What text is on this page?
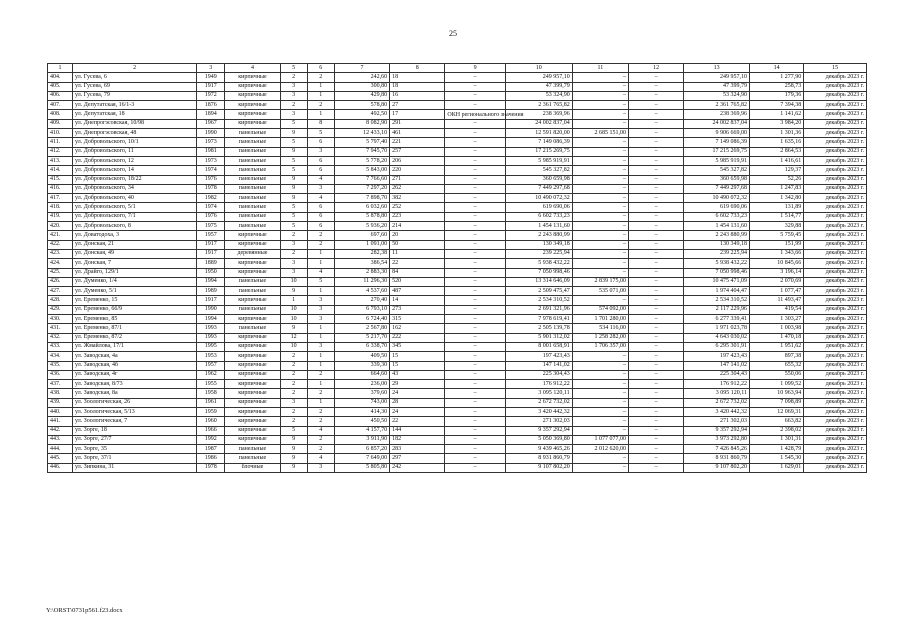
25
1	2	3	4	5	6	7	8	9	10	11	12	13	14	15
404.	ул. Гусева, 6	1949	кирпичные	2	2	242,60	18	–	249 957,10	–	–	249 957,10	1 277,90	декабрь 2023 г.
405.	ул. Гусева, 69	1917	кирпичные	3	1	300,80	18	–	47 399,79	–	–	47 399,79	258,73	декабрь 2023 г.
406.	ул. Гусева, 79	1972	кирпичные	3	1	429,80	16	–	53 324,90	–	–	53 324,90	179,36	декабрь 2023 г.
407.	ул. Депутатская, 16/1-3	1876	кирпичные	2	2	578,80	27	–	2 361 765,82	–	–	2 361 765,82	7 394,38	декабрь 2023 г.
408.	ул. Депутатская, 18	1894	кирпичные	3	1	492,50	17	ОКН регионального значения	238 369,96	–	–	238 369,96	1 141,62	декабрь 2023 г.
409.	ул. Днепрогэсовская, 10/98	1967	кирпичные	5	8	8 082,90	291	–	24 002 837,04	–	–	24 002 837,04	3 984,20	декабрь 2023 г.
410.	ул. Днепрогэсовская, 48	1990	панельные	9	5	12 433,10	461	–	12 591 820,00	2 685 151,00	–	9 906 669,00	1 301,36	декабрь 2023 г.
411.	ул. Добровольского, 10/1	1973	панельные	5	6	5 797,40	221	–	7 149 086,39	–	–	7 149 086,39	1 635,16	декабрь 2023 г.
412.	ул. Добровольского, 11	1981	панельные	9	3	7 945,70	257	–	17 215 269,75	–	–	17 215 269,75	2 864,53	декабрь 2023 г.
413.	ул. Добровольского, 12	1973	панельные	5	6	5 778,20	206	–	5 985 919,91	–	–	5 985 919,91	1 416,61	декабрь 2023 г.
414.	ул. Добровольского, 14	1974	панельные	5	6	5 843,00	220	–	545 327,82	–	–	545 327,82	129,37	декабрь 2023 г.
415.	ул. Добровольского, 18/22	1976	панельные	9	4	7 766,60	271	–	360 659,98	–	–	360 659,98	52,26	декабрь 2023 г.
416.	ул. Добровольского, 34	1978	панельные	9	3	7 297,20	262	–	7 449 297,68	–	–	7 449 297,68	1 247,83	декабрь 2023 г.
417.	ул. Добровольского, 40	1982	панельные	9	4	7 898,70	382	–	10 490 072,32	–	–	10 490 072,32	1 342,80	декабрь 2023 г.
418.	ул. Добровольского, 5/1	1974	панельные	5	6	6 032,60	252	–	619 690,06	–	–	619 690,06	131,89	декабрь 2023 г.
419.	ул. Добровольского, 7/1	1976	панельные	5	6	5 878,80	223	–	6 602 733,23	–	–	6 602 733,23	1 514,77	декабрь 2023 г.
420.	ул. Добровольского, 8	1975	панельные	5	6	5 936,20	214	–	1 454 131,60	–	–	1 454 131,60	329,88	декабрь 2023 г.
421.	ул. Доватодоха, 3	1957	кирпичные	2	2	697,60	20	–	2 243 880,99	–	–	2 243 880,99	5 759,45	декабрь 2023 г.
422.	ул. Донская, 21	1917	кирпичные	3	2	1 091,00	50	–	130 349,18	–	–	130 349,18	151,99	декабрь 2023 г.
423.	ул. Донская, 49	1917	деревянные	2	1	282,38	11	–	239 225,94	–	–	239 225,94	1 343,66	декабрь 2023 г.
424.	ул. Донская, 7	1889	кирпичные	3	1	386,54	22	–	5 938 432,22	–	–	5 938 432,22	10 845,66	декабрь 2023 г.
425.	ул. Драйго, 129/1	1950	кирпичные	3	4	2 883,30	84	–	7 050 998,46	–	–	7 050 998,46	3 196,14	декабрь 2023 г.
426.	ул. Думенко, 1/4	1994	панельные	10	5	11 296,30	520	–	13 314 646,09	2 839 175,00	–	10 475 471,09	2 070,69	декабрь 2023 г.
427.	ул. Думенко, 5/1	1989	панельные	9	1	4 537,60	487	–	2 509 475,47	535 071,00	–	1 974 404,47	1 077,47	декабрь 2023 г.
428.	ул. Еременко, 15	1917	кирпичные	1	3	270,40	14	–	2 534 310,52	–	–	2 534 310,52	11 493,47	декабрь 2023 г.
429.	ул. Еременко, 66/9	1990	панельные	10	3	6 793,10	273	–	2 691 321,96	574 092,00	–	2 117 229,96	419,54	декабрь 2023 г.
430.	ул. Еременко, 85	1994	кирпичные	10	3	6 724,40	315	–	7 978 619,41	1 701 280,00	–	6 277 339,41	1 303,27	декабрь 2023 г.
431.	ул. Еременко, 87/1	1993	панельные	9	1	2 567,80	162	–	2 505 139,78	534 116,00	–	1 971 023,78	1 003,98	декабрь 2023 г.
432.	ул. Еременко, 87/2	1993	кирпичные	12	1	5 217,70	222	–	5 901 312,02	1 258 282,00	–	4 643 030,02	1 470,18	декабрь 2023 г.
433.	ул. Жмайлова, 17/1	1995	кирпичные	10	3	6 338,70	345	–	8 001 658,91	1 706 357,00	–	6 295 301,91	1 951,62	декабрь 2023 г.
434.	ул. Заводская, 4а	1953	кирпичные	2	1	409,50	15	–	197 423,43	–	–	197 423,43	897,38	декабрь 2023 г.
435.	ул. Заводская, 4б	1957	кирпичные	2	1	339,30	15	–	147 141,02	–	–	147 141,02	655,32	декабрь 2023 г.
436.	ул. Заводская, 4г	1962	кирпичные	2	2	664,60	43	–	225 304,43	–	–	225 304,43	550,06	декабрь 2023 г.
437.	ул. Заводская, 8/73	1955	кирпичные	2	1	236,00	29	–	176 912,22	–	–	176 912,22	1 099,52	декабрь 2023 г.
438.	ул. Заводская, 8а	1958	кирпичные	2	2	379,60	24	–	3 095 120,11	–	–	3 095 120,11	10 963,94	декабрь 2023 г.
439.	ул. Зоологическая, 26	1961	кирпичные	3	1	743,00	28	–	2 672 732,02	–	–	2 672 732,02	7 098,89	декабрь 2023 г.
440.	ул. Зоологическая, 5/13	1959	кирпичные	2	2	414,30	24	–	3 420 442,32	–	–	3 420 442,32	12 069,31	декабрь 2023 г.
441.	ул. Зоологическая, 7	1960	кирпичные	2	2	450,50	22	–	271 302,03	–	–	271 302,03	663,82	декабрь 2023 г.
442.	ул. Зорге, 18	1966	кирпичные	5	4	4 157,70	144	–	9 357 292,94	–	–	9 357 292,94	2 398,02	декабрь 2023 г.
443.	ул. Зорге, 27/7	1992	кирпичные	9	2	3 911,90	182	–	5 050 369,80	1 077 077,00	–	3 973 292,80	1 301,31	декабрь 2023 г.
444.	ул. Зорге, 35	1987	панельные	9	2	6 857,20	283	–	9 439 465,26	2 012 620,00	–	7 426 845,26	1 428,79	декабрь 2023 г.
445.	ул. Зорге, 37/1	1986	панельные	9	4	7 649,00	297	–	8 931 860,79	–	–	8 931 860,79	1 545,30	декабрь 2023 г.
446.	ул. Зипкина, 31	1978	блочные	9	3	5 805,80	242	–	9 107 802,20	–	–	9 107 802,20	1 629,01	декабрь 2023 г.
Y:\ORST\0731p561.f23.docx
